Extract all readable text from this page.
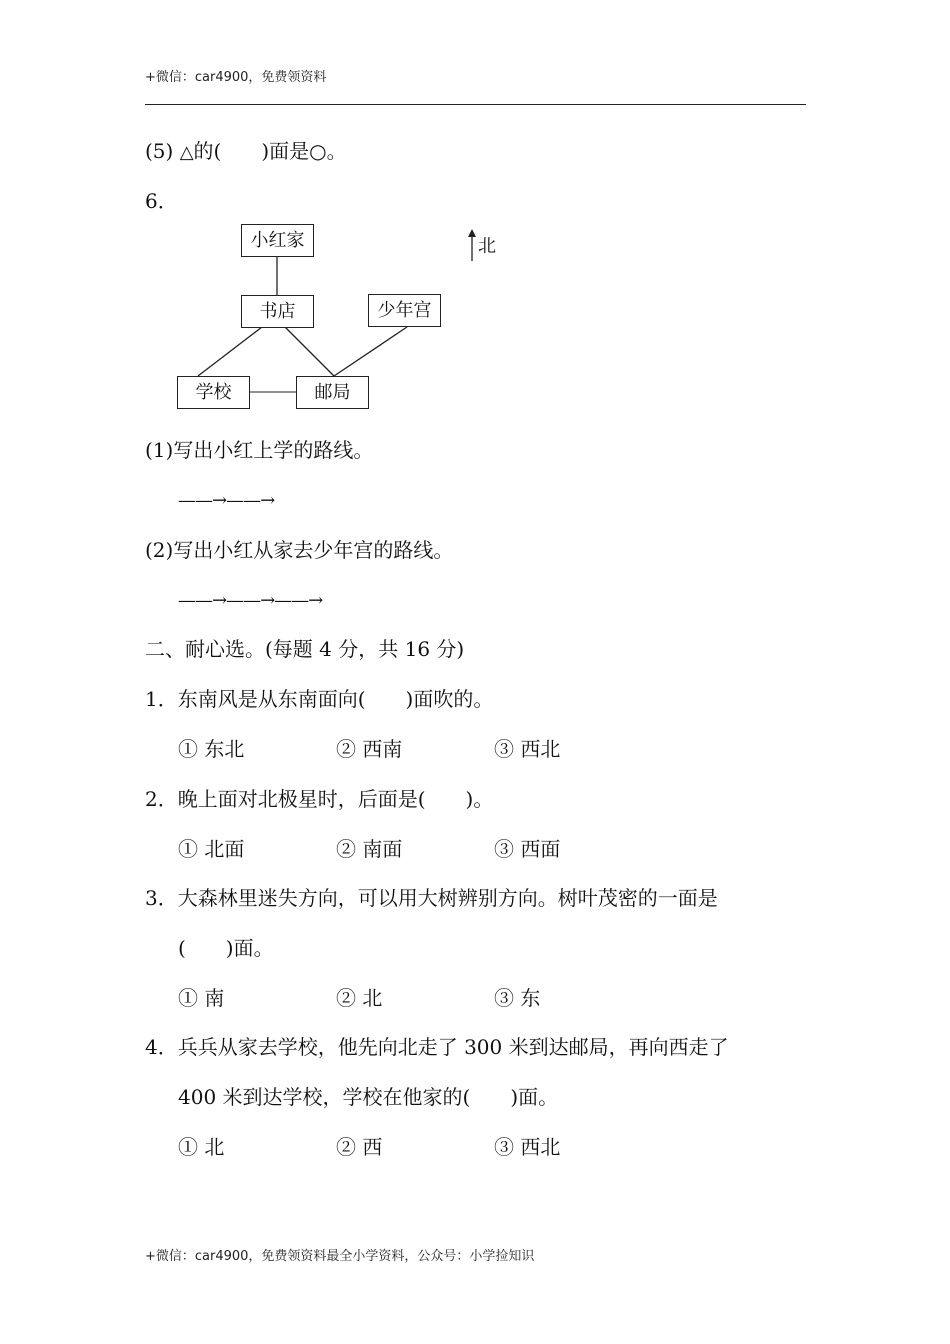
+微信：car4900，免费领资料
(5) △的(　　 )面是○。
6．
小红家
书店	少年宫
学校	邮局
北
(1)写出小红上学的路线。
——→——→
(2)写出小红从家去少年宫的路线。
——→——→——→
二、耐心选。(每题 4 分，共 16 分)
1．东南风是从东南面向(　　)面吹的。
① 东北	② 西南	③ 西北
2．晚上面对北极星时，后面是(　　)。
① 北面	② 南面	③ 西面
3．大森林里迷失方向，可以用大树辨别方向。树叶茂密的一面是
(　　)面。
① 南	② 北	③ 东
4．兵兵从家去学校，他先向北走了 300 米到达邮局，再向西走了
400 米到达学校，学校在他家的(　　)面。
① 北	② 西	③ 西北
+微信：car4900，免费领资料最全小学资料，公众号：小学捡知识
